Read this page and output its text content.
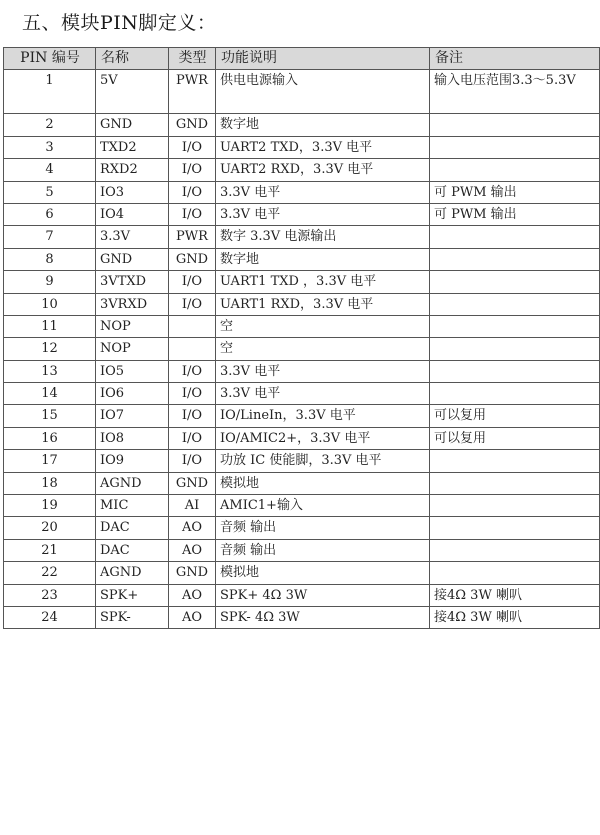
五、模块PIN脚定义：
PIN 编号	名称	类型	功能说明	备注
1	5V	PWR	供电电源输入	输入电压范围3.3～5.3V
2	GND	GND	数字地	
3	TXD2	I/O	UART2 TXD，3.3V 电平	
4	RXD2	I/O	UART2 RXD，3.3V 电平	
5	IO3	I/O	3.3V 电平	可 PWM 输出
6	IO4	I/O	3.3V 电平	可 PWM 输出
7	3.3V	PWR	数字 3.3V 电源输出	
8	GND	GND	数字地	
9	3VTXD	I/O	UART1 TXD ，3.3V 电平	
10	3VRXD	I/O	UART1 RXD，3.3V 电平	
11	NOP		空	
12	NOP		空	
13	IO5	I/O	3.3V 电平	
14	IO6	I/O	3.3V 电平	
15	IO7	I/O	IO/LineIn，3.3V 电平	可以复用
16	IO8	I/O	IO/AMIC2+，3.3V 电平	可以复用
17	IO9	I/O	功放 IC 使能脚，3.3V 电平	
18	AGND	GND	模拟地	
19	MIC	AI	AMIC1+输入	
20	DAC	AO	音频 输出	
21	DAC	AO	音频 输出	
22	AGND	GND	模拟地	
23	SPK+	AO	SPK+ 4Ω 3W	接4Ω 3W 喇叭
24	SPK-	AO	SPK- 4Ω 3W	接4Ω 3W 喇叭
